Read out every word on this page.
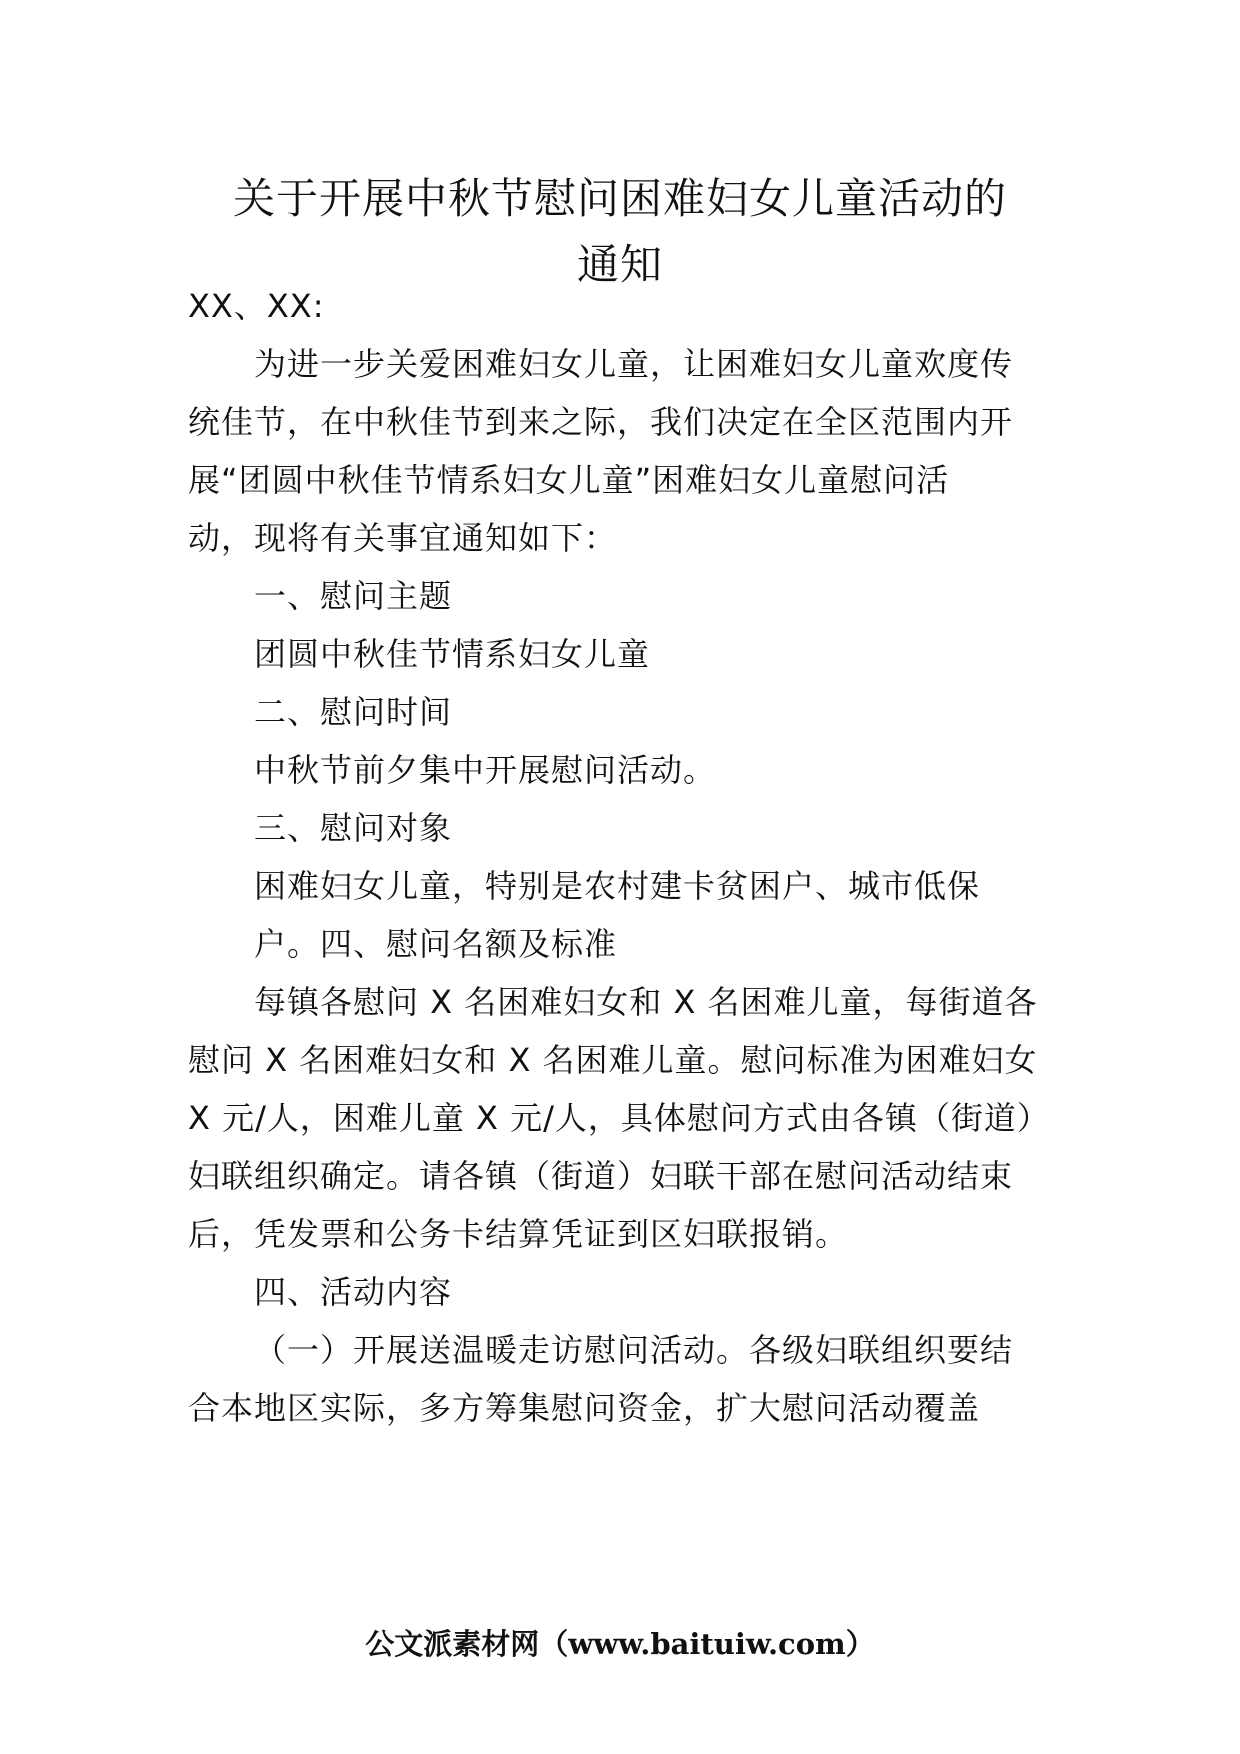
关于开展中秋节慰问困难妇女儿童活动的
通知
XX、XX:
为进一步关爱困难妇女儿童，让困难妇女儿童欢度传
统佳节，在中秋佳节到来之际，我们决定在全区范围内开
展“团圆中秋佳节情系妇女儿童”困难妇女儿童慰问活
动，现将有关事宜通知如下：
一、慰问主题
团圆中秋佳节情系妇女儿童
二、慰问时间
中秋节前夕集中开展慰问活动。
三、慰问对象
困难妇女儿童，特别是农村建卡贫困户、城市低保
户。四、慰问名额及标准
每镇各慰问 X 名困难妇女和 X 名困难儿童，每街道各
慰问 X 名困难妇女和 X 名困难儿童。慰问标准为困难妇女
X 元/人，困难儿童 X 元/人，具体慰问方式由各镇（街道）
妇联组织确定。请各镇（街道）妇联干部在慰问活动结束
后，凭发票和公务卡结算凭证到区妇联报销。
四、活动内容
（一）开展送温暖走访慰问活动。各级妇联组织要结
合本地区实际，多方筹集慰问资金，扩大慰问活动覆盖
公文派素材网（www.baituiw.com）
